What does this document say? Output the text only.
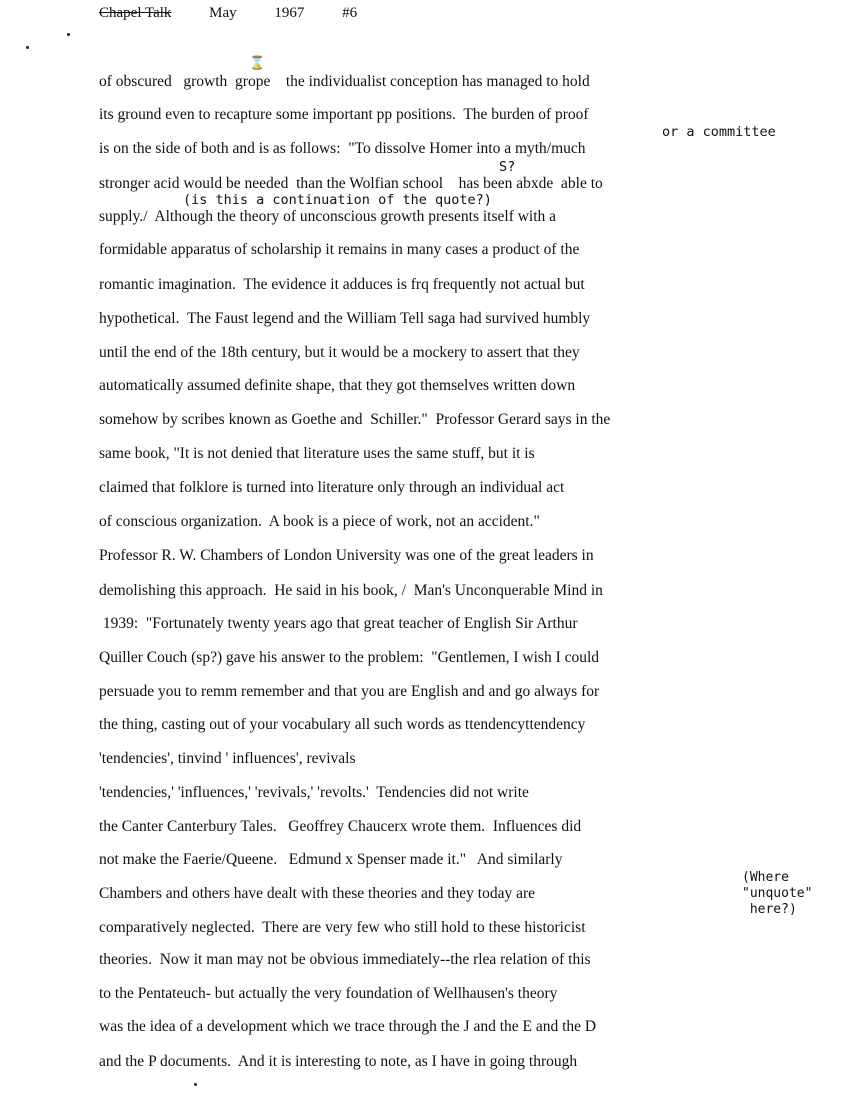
Chapel Talk	May	1967	#6
of obscured   growth  grope    the individualist conception has managed to hold
its ground even to recapture some important pp positions.  The burden of proof
is on the side of both and is as follows:  "To dissolve Homer into a myth/much
stronger acid would be needed  than the Wolfian school    has been abxde  able to
supply./  Although the theory of unconscious growth presents itself with a
formidable apparatus of scholarship it remains in many cases a product of the
romantic imagination.  The evidence it adduces is frq frequently not actual but
hypothetical.  The Faust legend and the William Tell saga had survived humbly
until the end of the 18th century, but it would be a mockery to assert that they
automatically assumed definite shape, that they got themselves written down
somehow by scribes known as Goethe and  Schiller."  Professor Gerard says in the
same book, "It is not denied that literature uses the same stuff, but it is
claimed that folklore is turned into literature only through an individual act
of conscious organization.  A book is a piece of work, not an accident."
Professor R. W. Chambers of London University was one of the great leaders in
demolishing this approach.  He said in his book, /  Man's Unconquerable Mind in
1939:  "Fortunately twenty years ago that great teacher of English Sir Arthur
Quiller Couch (sp?) gave his answer to the problem:  "Gentlemen, I wish I could
persuade you to remm remember and that you are English and and go always for
the thing, casting out of your vocabulary all such words as ttendencyttendency
'tendencies', tinvind ' influences', revivals
'tendencies,' 'influences,' 'revivals,' 'revolts.'  Tendencies did not write
the Canter Canterbury Tales.   Geoffrey Chaucerx wrote them.  Influences did
not make the Faerie/Queene.   Edmund x Spenser made it."   And similarly
Chambers and others have dealt with these theories and they today are
comparatively neglected.  There are very few who still hold to these historicist
theories.  Now it man may not be obvious immediately--the rlea relation of this
to the Pentateuch- but actually the very foundation of Wellhausen's theory
was the idea of a development which we trace through the J and the E and the D
and the P documents.  And it is interesting to note, as I have in going through
or a committee
S?
(is this a continuation of the quote?)
(Where
"unquote"
here?)
⌛
